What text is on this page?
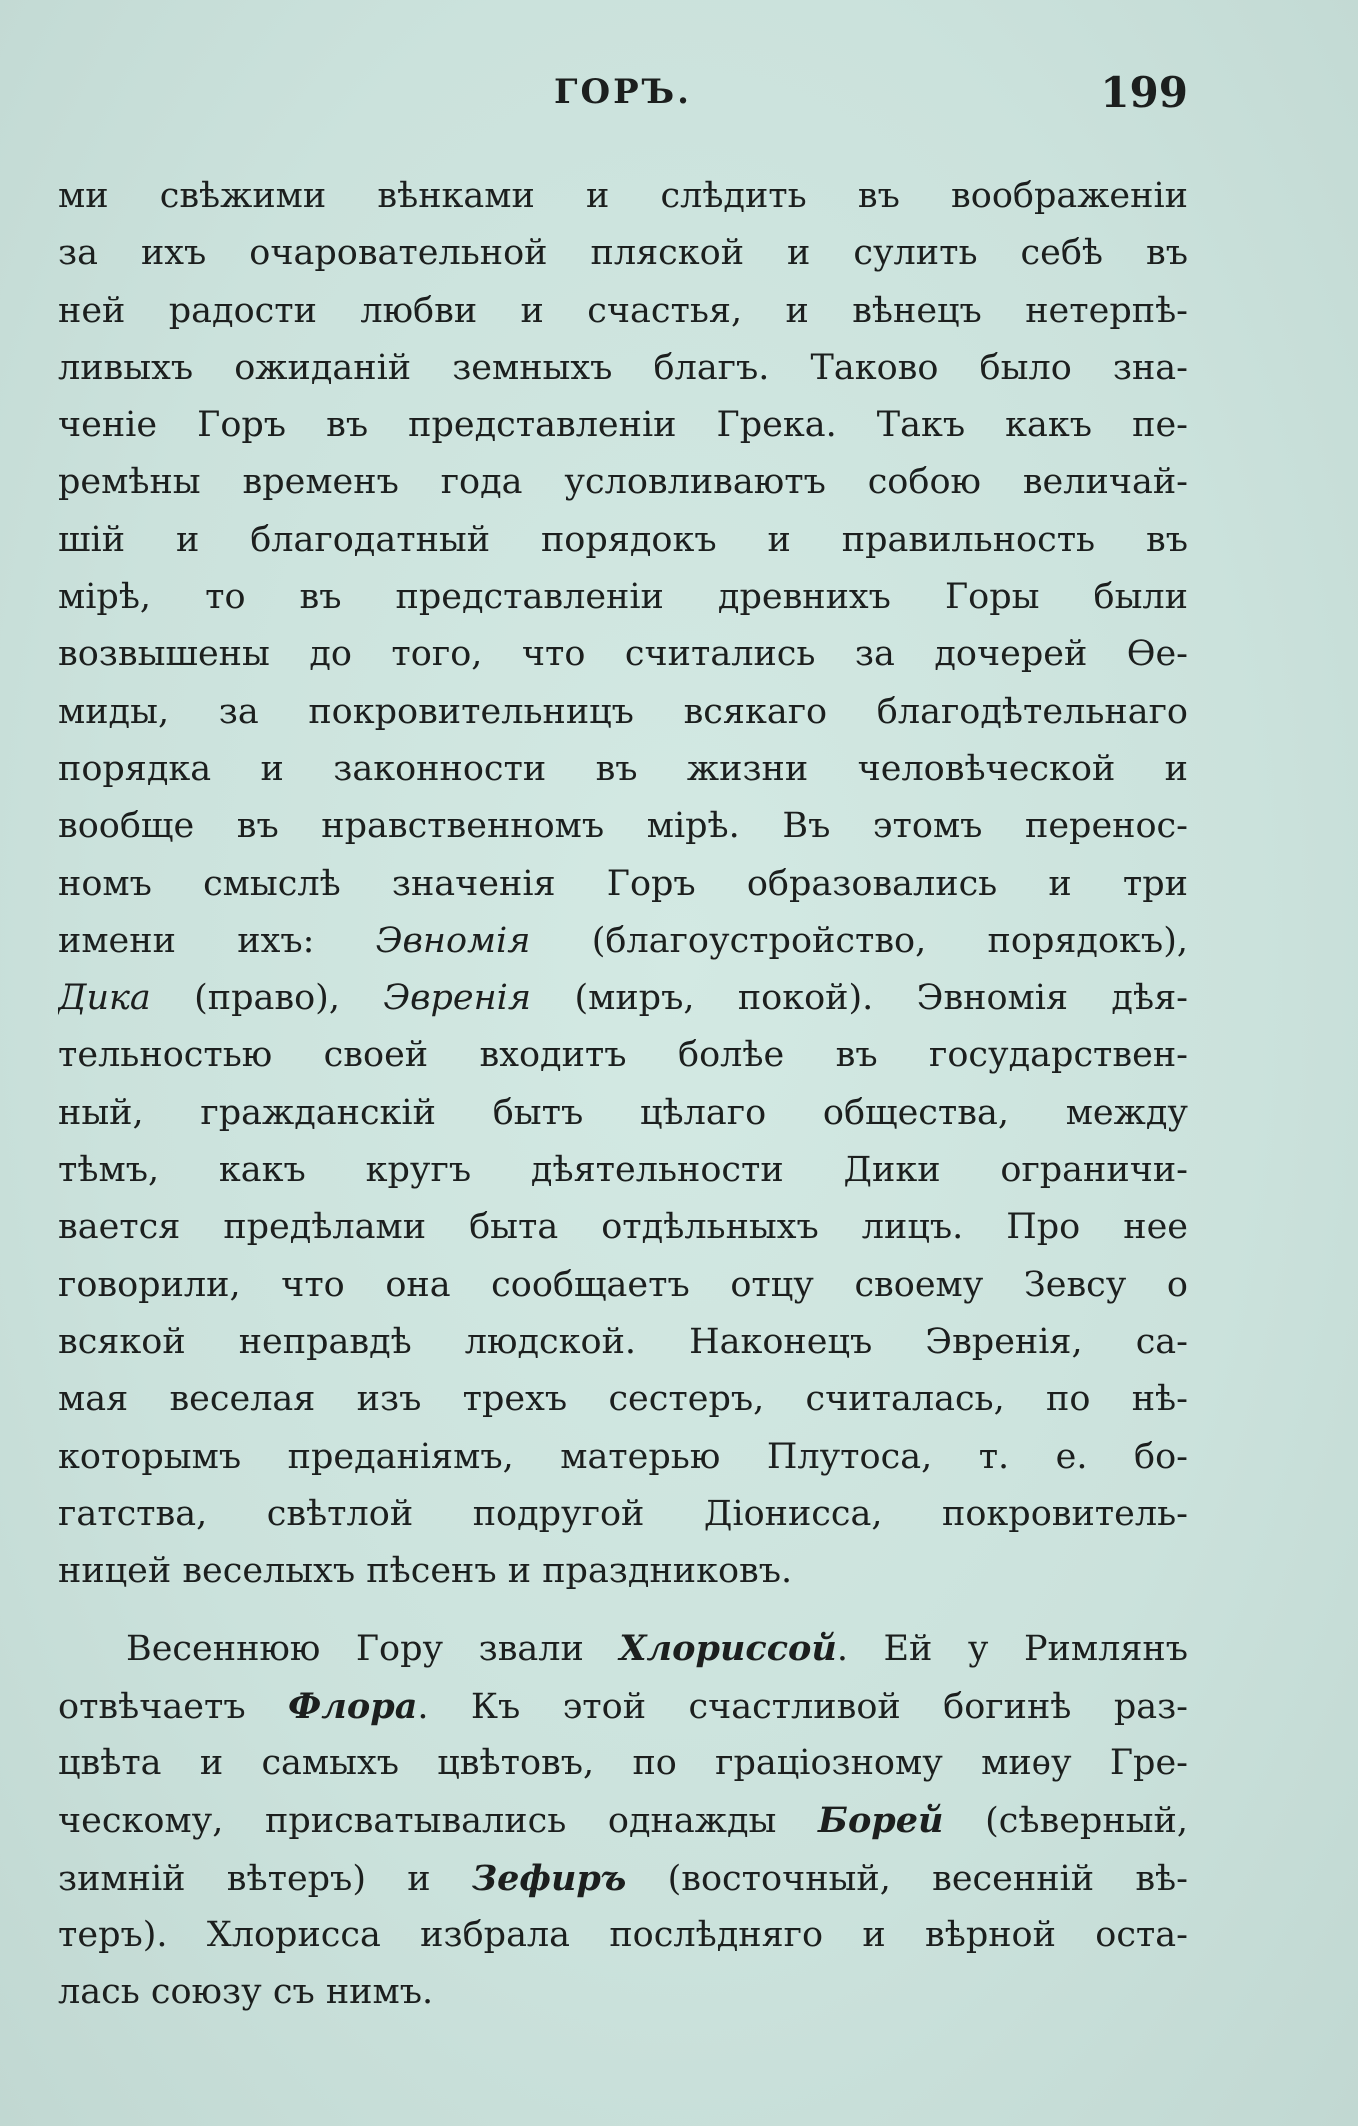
ГОРЪ.	199
ми свѣжими вѣнками и слѣдить въ воображеніи
за ихъ очаровательной пляской и сулить себѣ въ
ней радости любви и счастья, и вѣнецъ нетерпѣ-
ливыхъ ожиданій земныхъ благъ. Таково было зна-
ченіе Горъ въ представленіи Грека. Такъ какъ пе-
ремѣны временъ года условливаютъ собою величай-
шій и благодатный порядокъ и правильность въ
мірѣ, то въ представленіи древнихъ Горы были
возвышены до того, что считались за дочерей Ѳе-
миды, за покровительницъ всякаго благодѣтельнаго
порядка и законности въ жизни человѣческой и
вообще въ нравственномъ мірѣ. Въ этомъ перенос-
номъ смыслѣ значенія Горъ образовались и три
имени ихъ: Эвномія (благоустройство, порядокъ),
Дика (право), Эвренія (миръ, покой). Эвномія дѣя-
тельностью своей входитъ болѣе въ государствен-
ный, гражданскій бытъ цѣлаго общества, между
тѣмъ, какъ кругъ дѣятельности Дики ограничи-
вается предѣлами быта отдѣльныхъ лицъ. Про нее
говорили, что она сообщаетъ отцу своему Зевсу о
всякой неправдѣ людской. Наконецъ Эвренія, са-
мая веселая изъ трехъ сестеръ, считалась, по нѣ-
которымъ преданіямъ, матерью Плутоса, т. е. бо-
гатства, свѣтлой подругой Діонисса, покровитель-
ницей веселыхъ пѣсенъ и праздниковъ.
Весеннюю Гору звали Хлориссой. Ей у Римлянъ
отвѣчаетъ Флора. Къ этой счастливой богинѣ раз-
цвѣта и самыхъ цвѣтовъ, по граціозному миѳу Гре-
ческому, присватывались однажды Борей (сѣверный,
зимній вѣтеръ) и Зефиръ (восточный, весенній вѣ-
теръ). Хлорисса избрала послѣдняго и вѣрной оста-
лась союзу съ нимъ.
